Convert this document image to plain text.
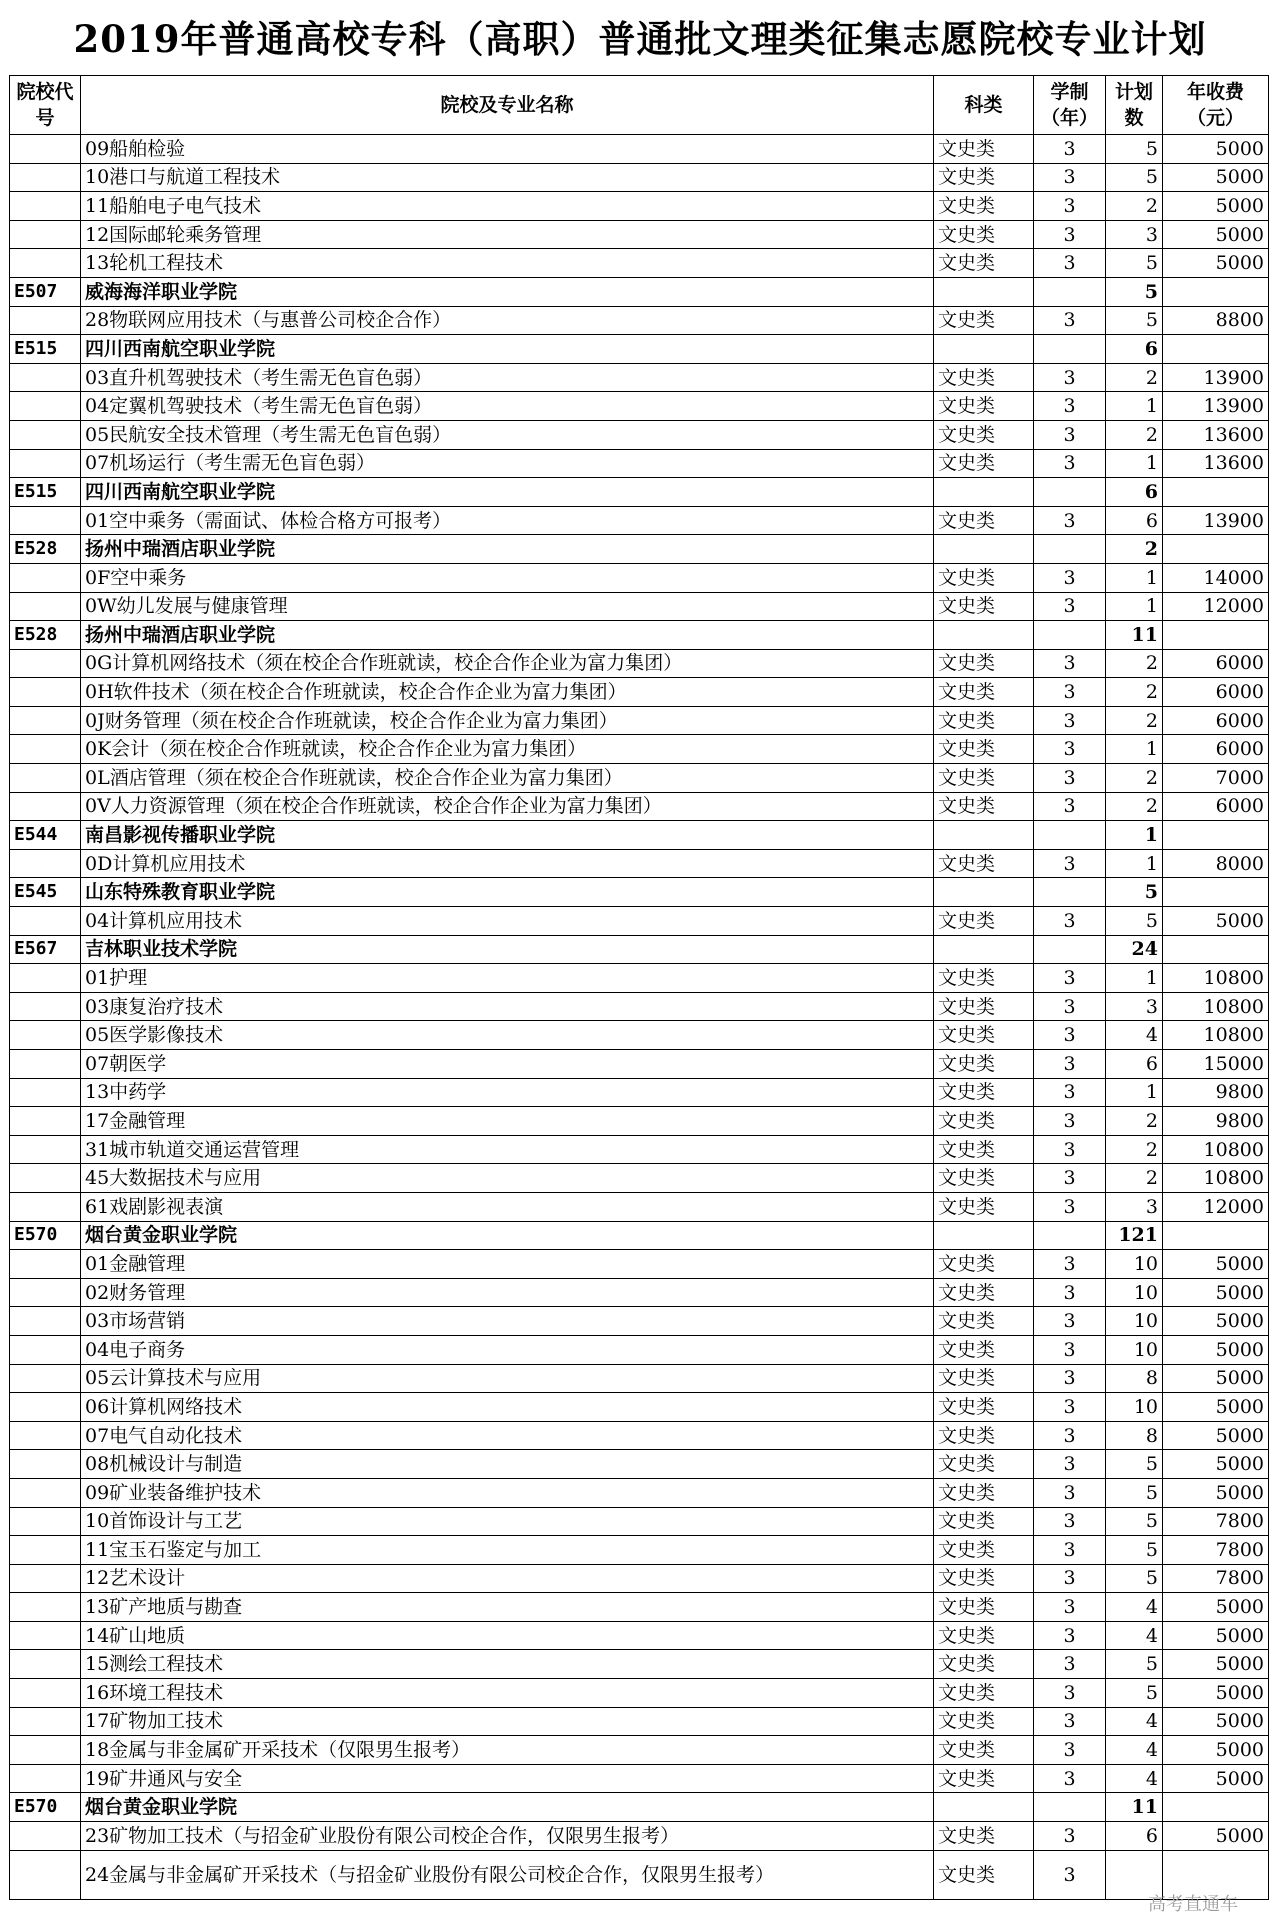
2019年普通高校专科（高职）普通批文理类征集志愿院校专业计划
院校代号	院校及专业名称	科类	学制（年）	计划数	年收费（元）
	09船舶检验	文史类	3	5	5000
	10港口与航道工程技术	文史类	3	5	5000
	11船舶电子电气技术	文史类	3	2	5000
	12国际邮轮乘务管理	文史类	3	3	5000
	13轮机工程技术	文史类	3	5	5000
E507	威海海洋职业学院			5	
	28物联网应用技术（与惠普公司校企合作）	文史类	3	5	8800
E515	四川西南航空职业学院			6	
	03直升机驾驶技术（考生需无色盲色弱）	文史类	3	2	13900
	04定翼机驾驶技术（考生需无色盲色弱）	文史类	3	1	13900
	05民航安全技术管理（考生需无色盲色弱）	文史类	3	2	13600
	07机场运行（考生需无色盲色弱）	文史类	3	1	13600
E515	四川西南航空职业学院			6	
	01空中乘务（需面试、体检合格方可报考）	文史类	3	6	13900
E528	扬州中瑞酒店职业学院			2	
	0F空中乘务	文史类	3	1	14000
	0W幼儿发展与健康管理	文史类	3	1	12000
E528	扬州中瑞酒店职业学院			11	
	0G计算机网络技术（须在校企合作班就读，校企合作企业为富力集团）	文史类	3	2	6000
	0H软件技术（须在校企合作班就读，校企合作企业为富力集团）	文史类	3	2	6000
	0J财务管理（须在校企合作班就读，校企合作企业为富力集团）	文史类	3	2	6000
	0K会计（须在校企合作班就读，校企合作企业为富力集团）	文史类	3	1	6000
	0L酒店管理（须在校企合作班就读，校企合作企业为富力集团）	文史类	3	2	7000
	0V人力资源管理（须在校企合作班就读，校企合作企业为富力集团）	文史类	3	2	6000
E544	南昌影视传播职业学院			1	
	0D计算机应用技术	文史类	3	1	8000
E545	山东特殊教育职业学院			5	
	04计算机应用技术	文史类	3	5	5000
E567	吉林职业技术学院			24	
	01护理	文史类	3	1	10800
	03康复治疗技术	文史类	3	3	10800
	05医学影像技术	文史类	3	4	10800
	07朝医学	文史类	3	6	15000
	13中药学	文史类	3	1	9800
	17金融管理	文史类	3	2	9800
	31城市轨道交通运营管理	文史类	3	2	10800
	45大数据技术与应用	文史类	3	2	10800
	61戏剧影视表演	文史类	3	3	12000
E570	烟台黄金职业学院			121	
	01金融管理	文史类	3	10	5000
	02财务管理	文史类	3	10	5000
	03市场营销	文史类	3	10	5000
	04电子商务	文史类	3	10	5000
	05云计算技术与应用	文史类	3	8	5000
	06计算机网络技术	文史类	3	10	5000
	07电气自动化技术	文史类	3	8	5000
	08机械设计与制造	文史类	3	5	5000
	09矿业装备维护技术	文史类	3	5	5000
	10首饰设计与工艺	文史类	3	5	7800
	11宝玉石鉴定与加工	文史类	3	5	7800
	12艺术设计	文史类	3	5	7800
	13矿产地质与勘查	文史类	3	4	5000
	14矿山地质	文史类	3	4	5000
	15测绘工程技术	文史类	3	5	5000
	16环境工程技术	文史类	3	5	5000
	17矿物加工技术	文史类	3	4	5000
	18金属与非金属矿开采技术（仅限男生报考）	文史类	3	4	5000
	19矿井通风与安全	文史类	3	4	5000
E570	烟台黄金职业学院			11	
	23矿物加工技术（与招金矿业股份有限公司校企合作，仅限男生报考）	文史类	3	6	5000
	24金属与非金属矿开采技术（与招金矿业股份有限公司校企合作，仅限男生报考）	文史类	3		
高考直通车
